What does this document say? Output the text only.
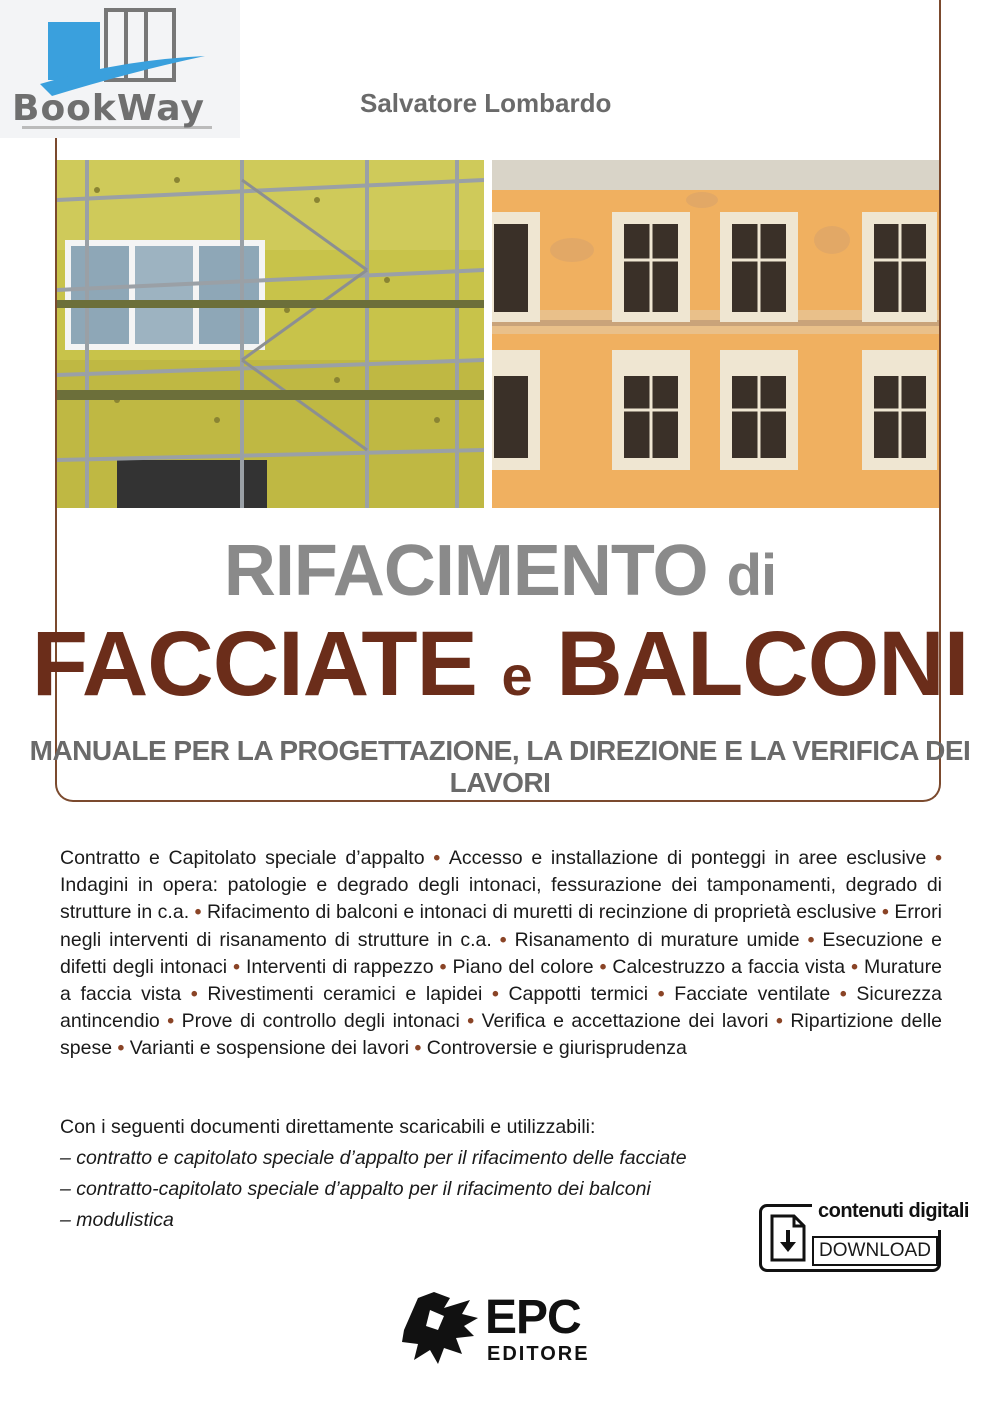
BookWay	Salvatore Lombardo
RIFACIMENTO di
FACCIATE e BALCONI
MANUALE PER LA PROGETTAZIONE, LA DIREZIONE E LA VERIFICA DEI LAVORI
Contratto e Capitolato speciale d’appalto • Accesso e installazione di ponteggi in aree esclusive • Indagini in opera: patologie e degrado degli intonaci, fessurazione dei tamponamenti, degrado di strutture in c.a. • Rifacimento di balconi e intonaci di muretti di recinzione di proprietà esclusive • Errori negli interventi di risanamento di strutture in c.a. • Risanamento di murature umide • Esecuzione e difetti degli intonaci • Interventi di rappezzo • Piano del colore • Calcestruzzo a faccia vista • Murature a faccia vista • Rivestimenti ceramici e lapidei • Cappotti termici • Facciate ventilate • Sicurezza antincendio • Prove di controllo degli intonaci • Verifica e accettazione dei lavori • Ripartizione delle spese • Varianti e sospensione dei lavori • Controversie e giurisprudenza
Con i seguenti documenti direttamente scaricabili e utilizzabili:
– contratto e capitolato speciale d’appalto per il rifacimento delle facciate
– contratto-capitolato speciale d’appalto per il rifacimento dei balconi
– modulistica	contenuti digitali
DOWNLOAD
EPC
EDITORE
